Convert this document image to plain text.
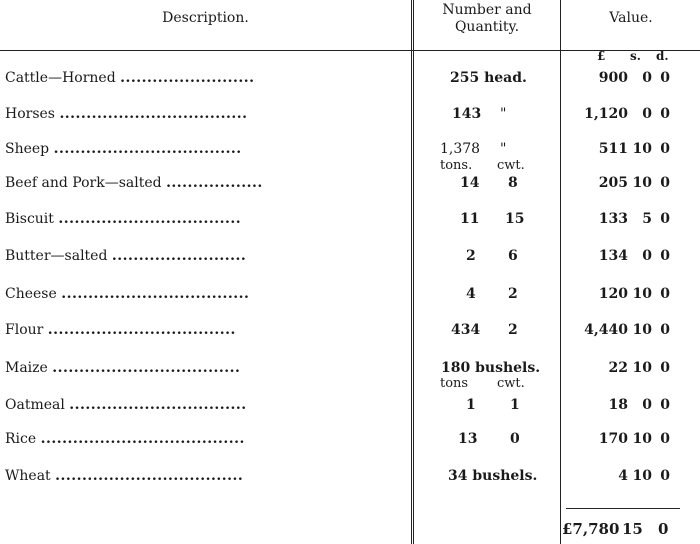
Description.	Number and
Quantity.
Value.
£ s. d.
tons. cwt.
tons cwt.
Cattle—Horned .........................	255 head.	900 0 0
Horses ...................................	143 "	1,120 0 0
Sheep ...................................	1,378 "	511 10 0
Beef and Pork—salted ..................	14 8	205 10 0
Biscuit ..................................	11 15	133 5 0
Butter—salted .........................	2 6	134 0 0
Cheese ...................................	4 2	120 10 0
Flour ...................................	434 2	4,440 10 0
Maize ...................................	180 bushels.	22 10 0
Oatmeal .................................	1 1	18 0 0
Rice ......................................	13 0	170 10 0
Wheat ...................................	34 bushels.	4 10 0
£7,780 15 0
